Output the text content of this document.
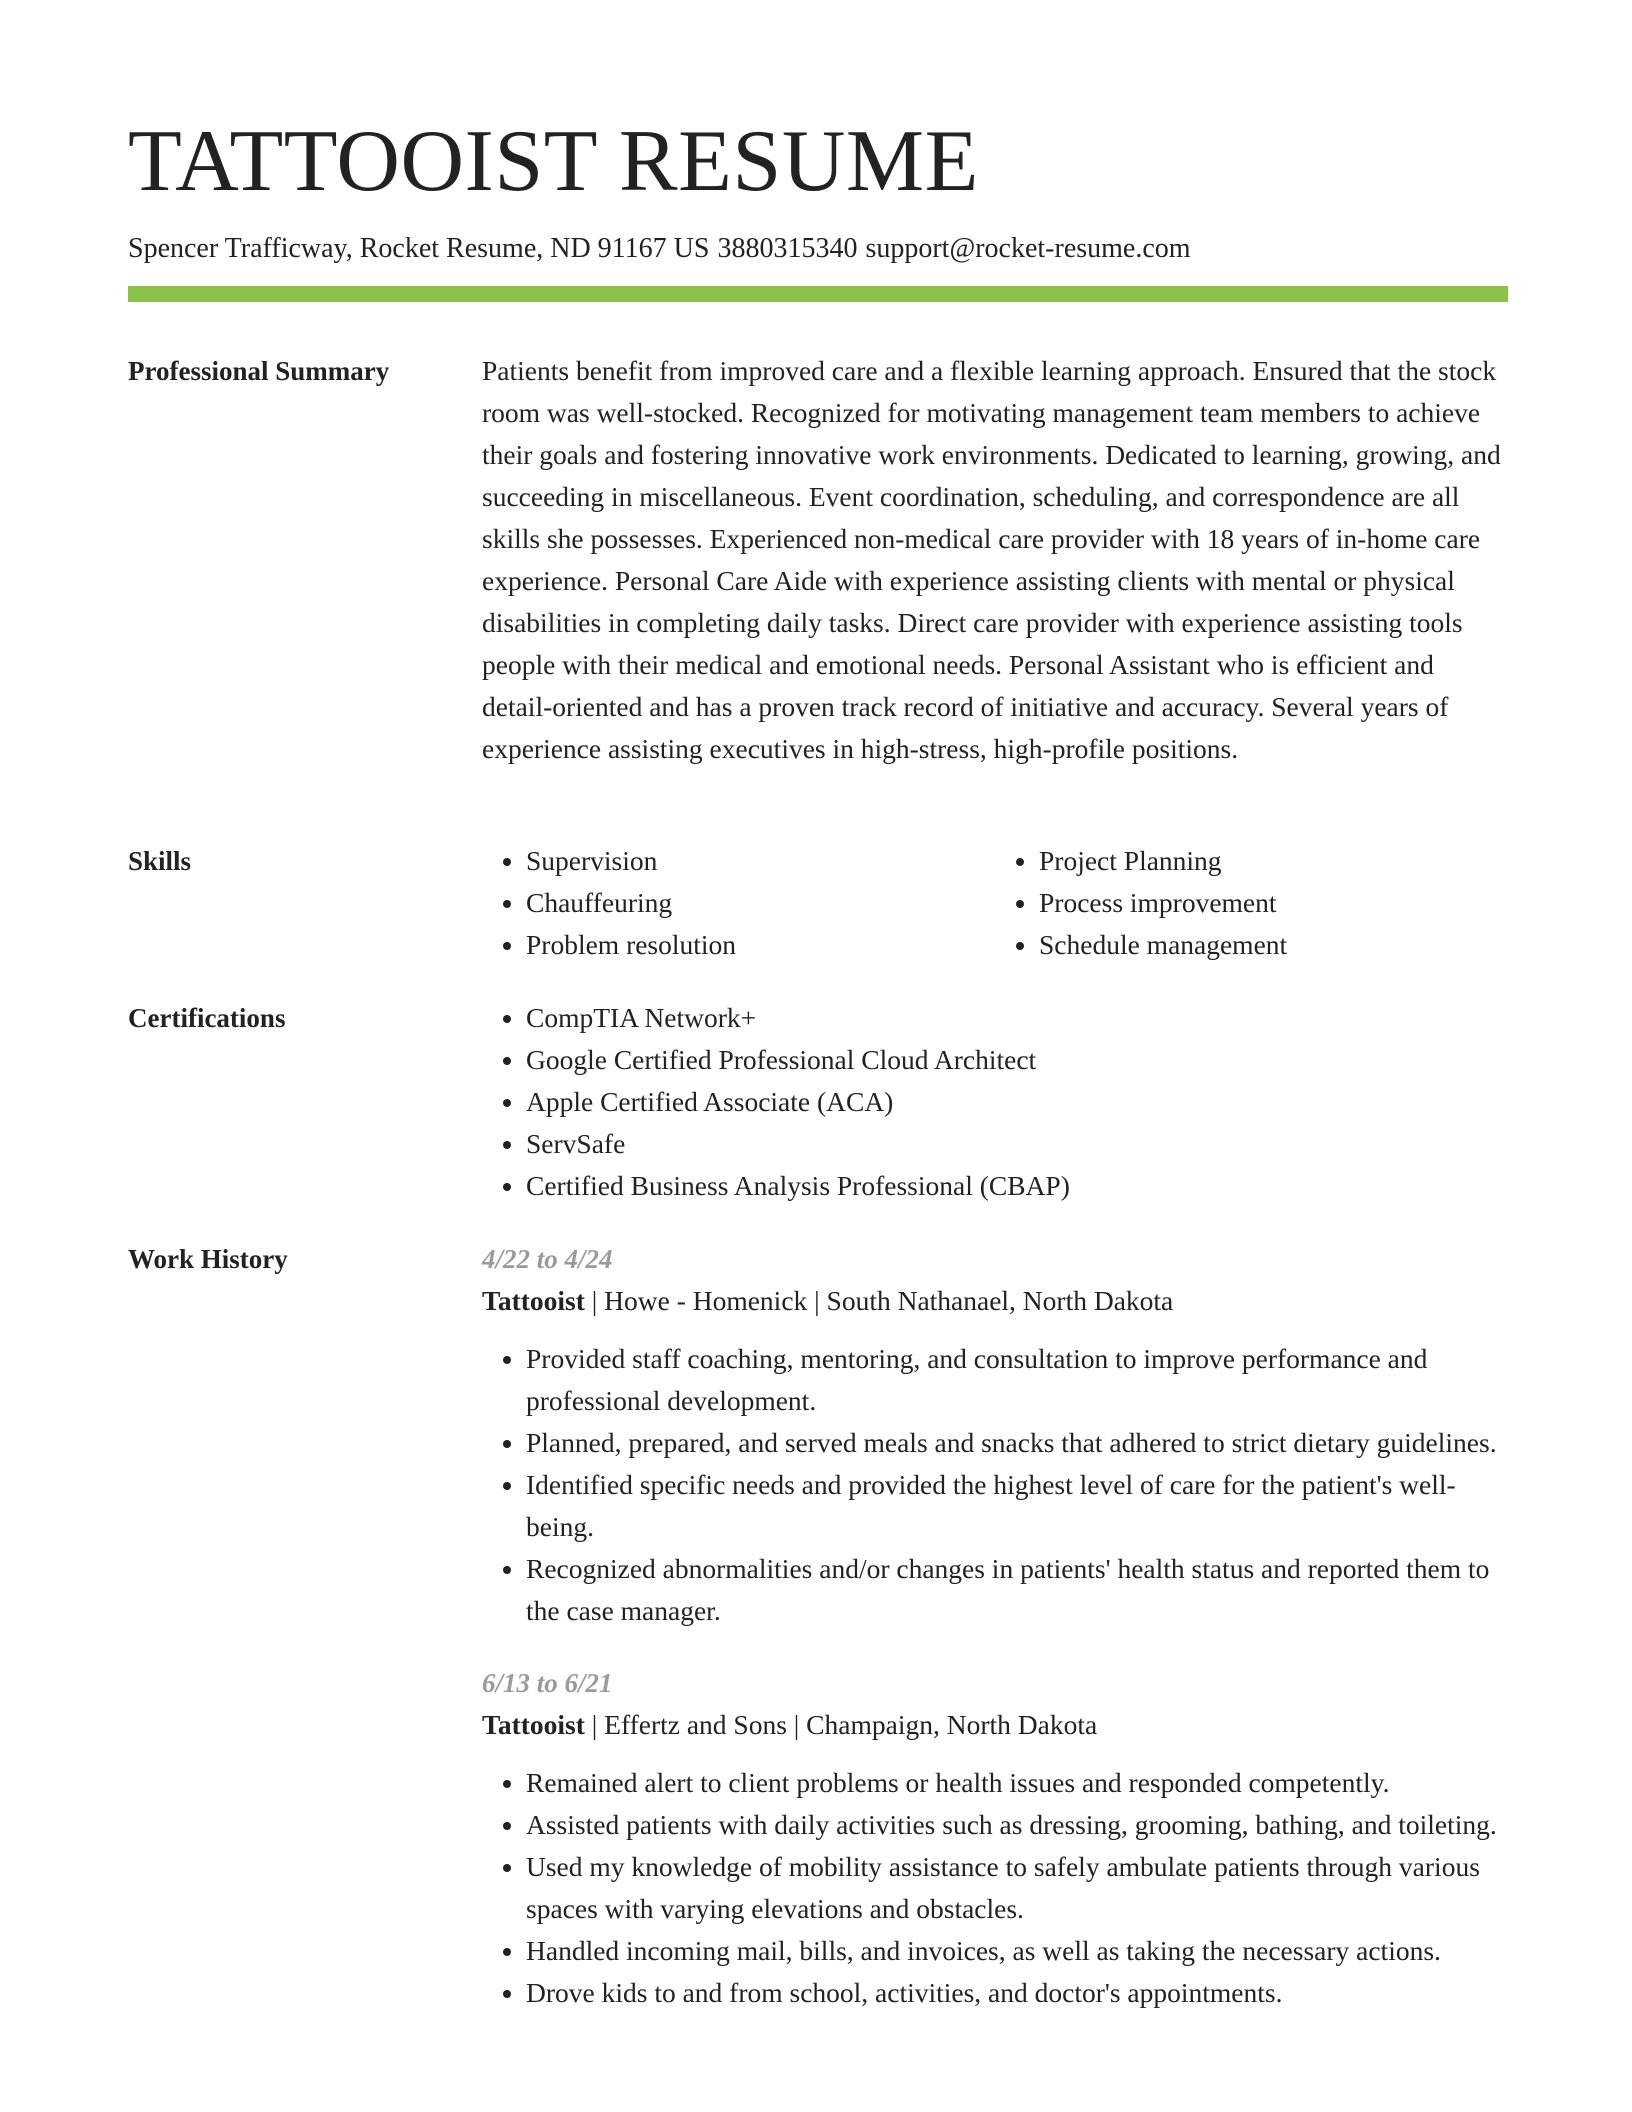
TATTOOIST RESUME
Spencer Trafficway, Rocket Resume, ND 91167 US 3880315340 support@rocket-resume.com
Professional Summary	Patients benefit from improved care and a flexible learning approach. Ensured that the stock room was well-stocked. Recognized for motivating management team members to achieve their goals and fostering innovative work environments. Dedicated to learning, growing, and succeeding in miscellaneous. Event coordination, scheduling, and correspondence are all skills she possesses. Experienced non-medical care provider with 18 years of in-home care experience. Personal Care Aide with experience assisting clients with mental or physical disabilities in completing daily tasks. Direct care provider with experience assisting tools people with their medical and emotional needs. Personal Assistant who is efficient and detail-oriented and has a proven track record of initiative and accuracy. Several years of experience assisting executives in high-stress, high-profile positions.

Skills	• Supervision
• Chauffeuring
• Problem resolution
• Project Planning
• Process improvement
• Schedule management
Certifications	• CompTIA Network+
• Google Certified Professional Cloud Architect
• Apple Certified Associate (ACA)
• ServSafe
• Certified Business Analysis Professional (CBAP)
Work History	4/22 to 4/24
Tattooist | Howe - Homenick | South Nathanael, North Dakota
• Provided staff coaching, mentoring, and consultation to improve performance and professional development.
• Planned, prepared, and served meals and snacks that adhered to strict dietary guidelines.
• Identified specific needs and provided the highest level of care for the patient's well-being.
• Recognized abnormalities and/or changes in patients' health status and reported them to the case manager.
6/13 to 6/21
Tattooist | Effertz and Sons | Champaign, North Dakota
• Remained alert to client problems or health issues and responded competently.
• Assisted patients with daily activities such as dressing, grooming, bathing, and toileting.
• Used my knowledge of mobility assistance to safely ambulate patients through various spaces with varying elevations and obstacles.
• Handled incoming mail, bills, and invoices, as well as taking the necessary actions.
• Drove kids to and from school, activities, and doctor's appointments.
